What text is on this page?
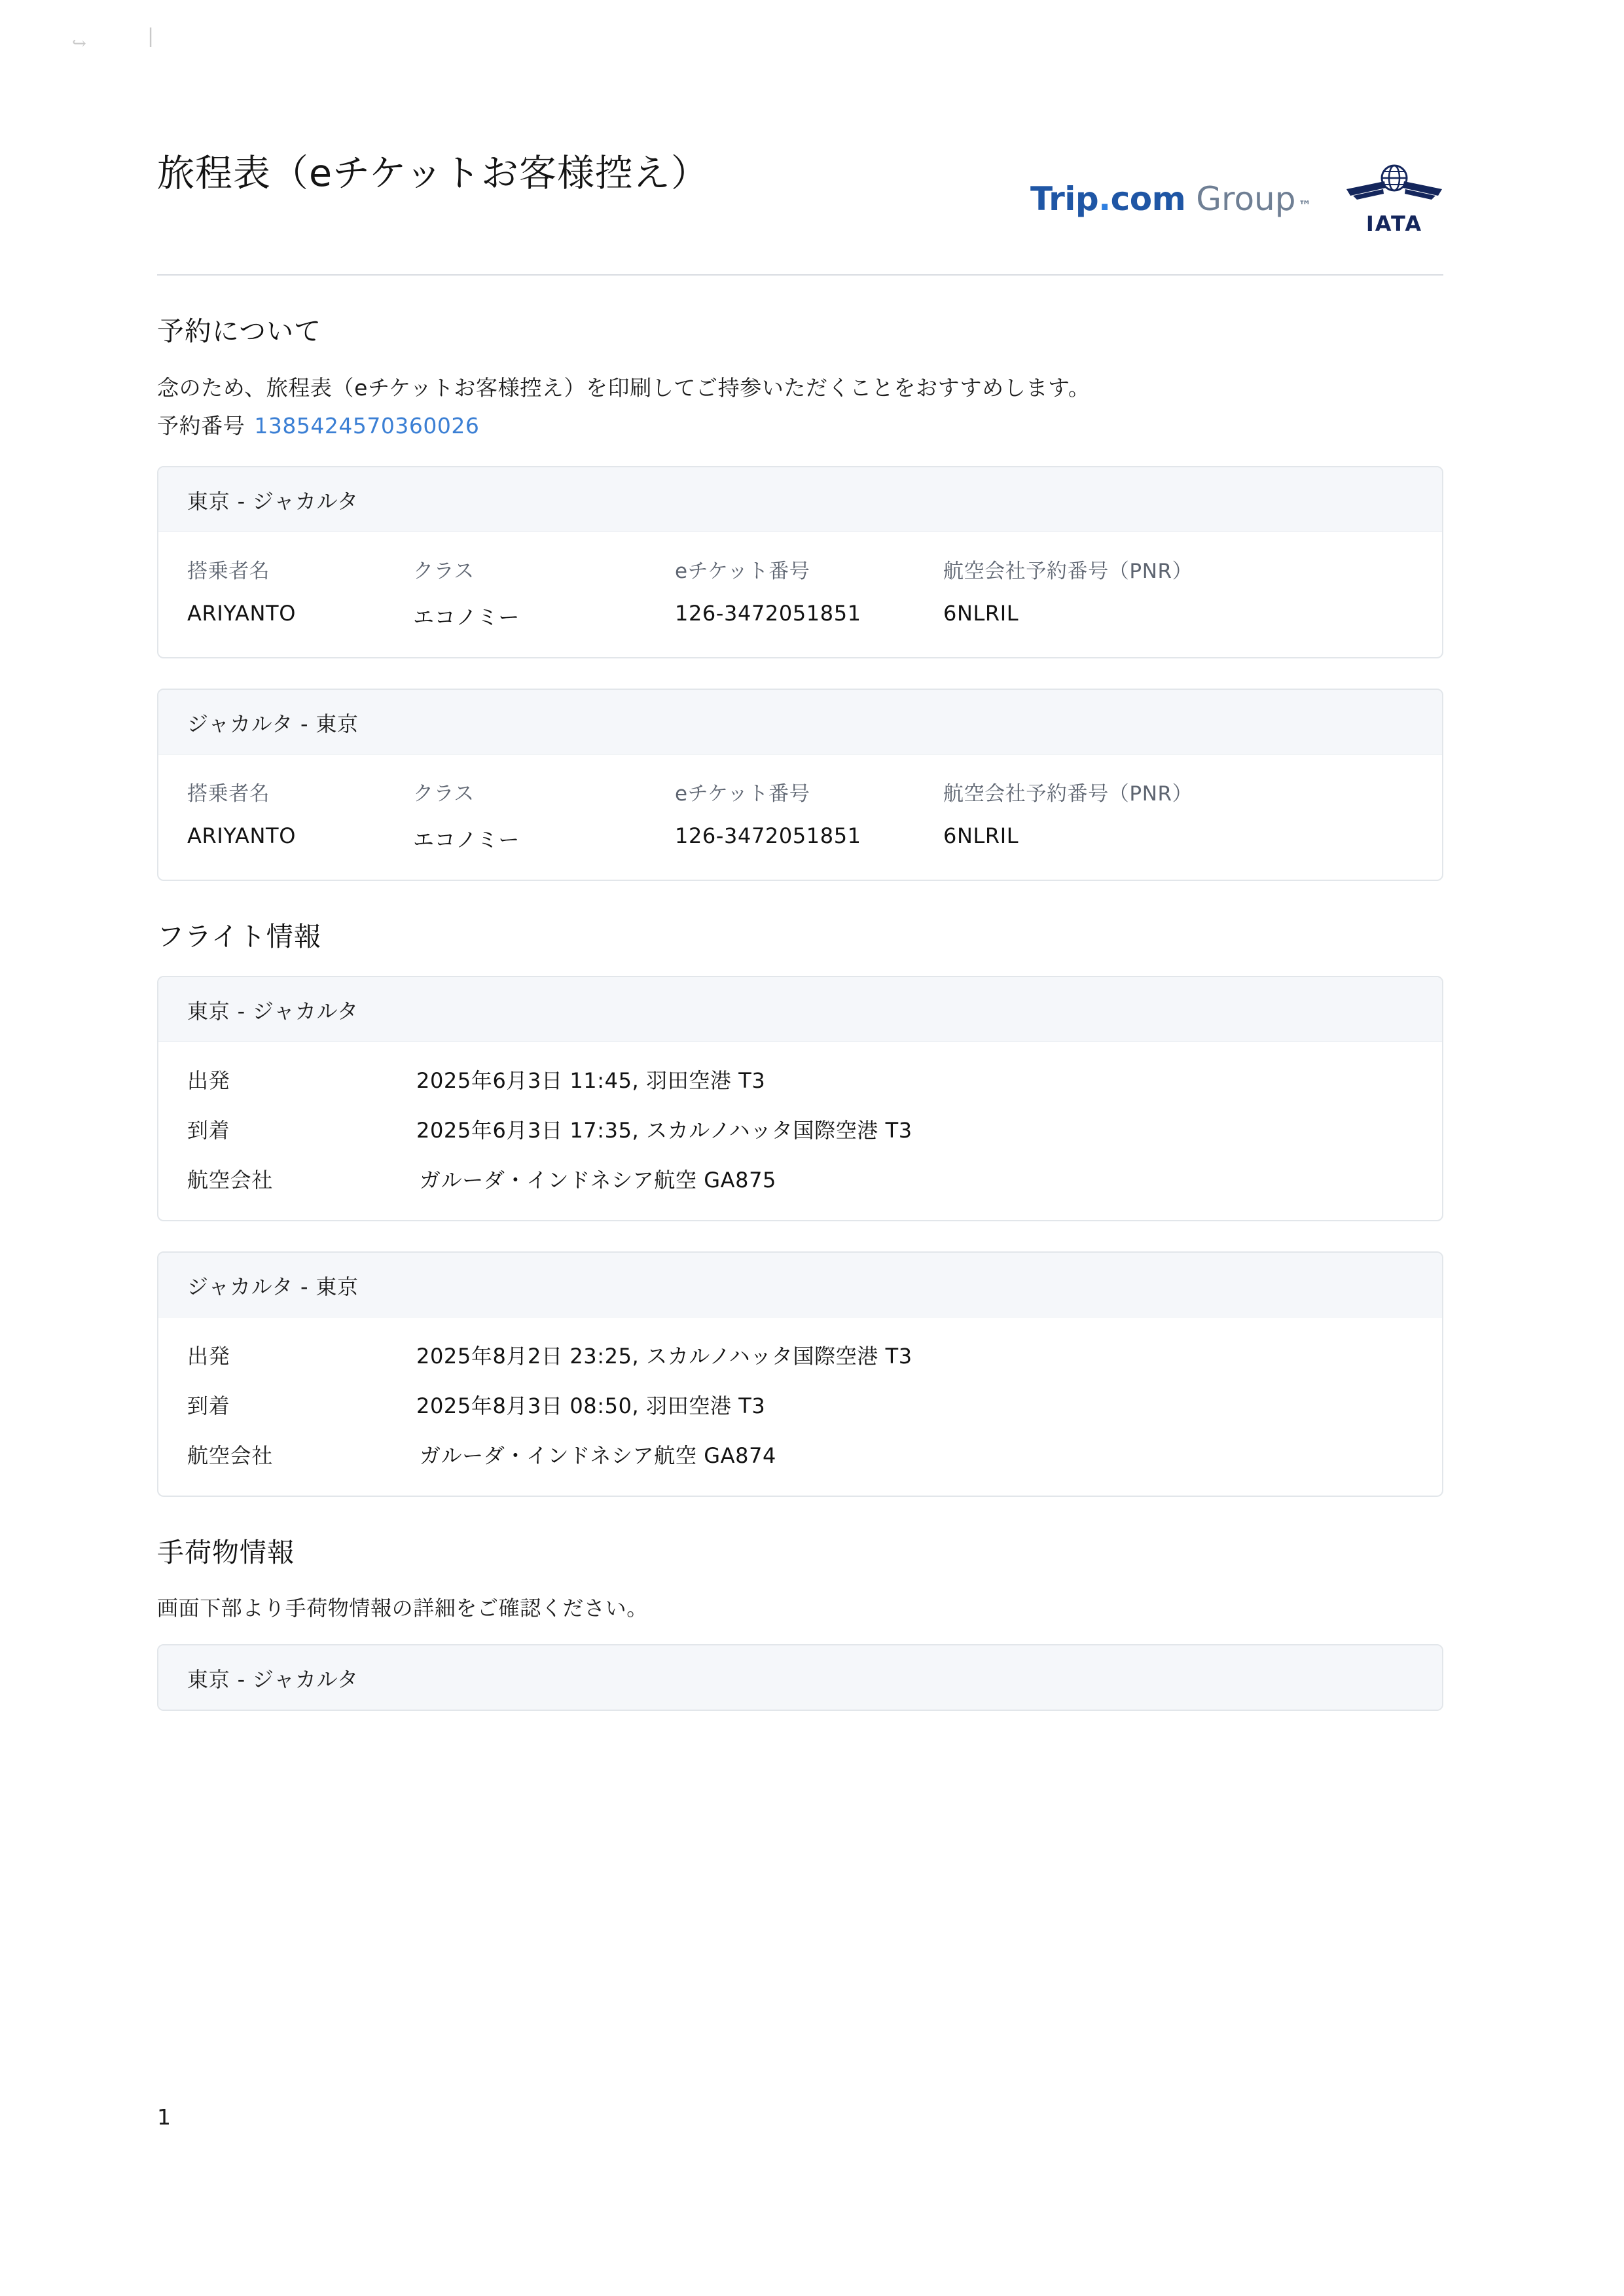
↪	|
旅程表（eチケットお客様控え）
Trip . com Group ™
IATA
予約について

念のため、旅程表（eチケットお客様控え）を印刷してご持参いただくことをおすすめします。

予約番号 1385424570360026
東京 - ジャカルタ
搭乗者名	クラス	eチケット番号	航空会社予約番号（PNR）
ARIYANTO	エコノミー	126-3472051851	6NLRIL
ジャカルタ - 東京
搭乗者名	クラス	eチケット番号	航空会社予約番号（PNR）
ARIYANTO	エコノミー	126-3472051851	6NLRIL
フライト情報
東京 - ジャカルタ
出発	2025年6月3日 11:45, 羽田空港 T3
到着	2025年6月3日 17:35, スカルノハッタ国際空港 T3
航空会社	ガルーダ・インドネシア航空 GA875
ジャカルタ - 東京
出発	2025年8月2日 23:25, スカルノハッタ国際空港 T3
到着	2025年8月3日 08:50, 羽田空港 T3
航空会社	ガルーダ・インドネシア航空 GA874
手荷物情報

画面下部より手荷物情報の詳細をご確認ください。

東京 - ジャカルタ
1
